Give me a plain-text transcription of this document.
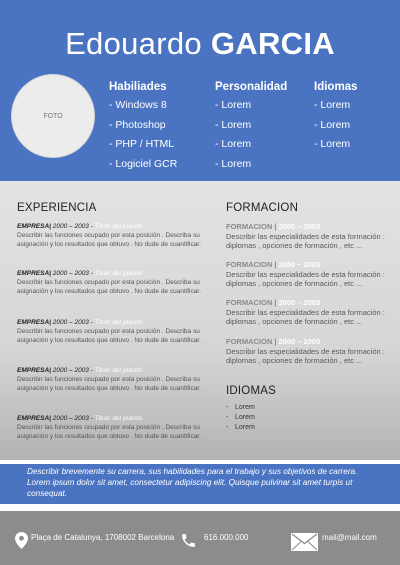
Edouardo GARCIA
FOTO
Habiliades
- Windows 8
- Photoshop
- PHP / HTML
- Logiciel GCR
Personalidad
- Lorem
- Lorem
- Lorem
- Lorem
Idiomas
- Lorem
- Lorem
- Lorem
EXPERIENCIA
EMPRESA| 2000 – 2003 - Titulo del puesto
Describir las funciones ocupado por esta posición . Describa su asignación y los resultados que obtuvo . No dude de cuantificar.
EMPRESA| 2000 – 2003 - Titulo del puesto
Describir las funciones ocupado por esta posición . Describa su asignación y los resultados que obtuvo . No dude de cuantificar.
EMPRESA| 2000 – 2003 - Titulo del puesto
Describir las funciones ocupado por esta posición . Describa su asignación y los resultados que obtuvo . No dude de cuantificar.
EMPRESA| 2000 – 2003 - Titulo del puesto
Describir las funciones ocupado por esta posición . Describa su asignación y los resultados que obtuvo . No dude de cuantificar.
EMPRESA| 2000 – 2003 - Titulo del puesto
Describir las funciones ocupado por esta posición . Describa su asignación y los resultados que obtuvo . No dude de cuantificar.
FORMACION
FORMACION | 2000 – 2003
Describir las especialidades de esta formación : diplomas , opciones de formación , etc ...
FORMACION | 2000 – 2003
Describir las especialidades de esta formación : diplomas , opciones de formación , etc ...
FORMACION | 2000 – 2003
Describir las especialidades de esta formación : diplomas , opciones de formación , etc ...
FORMACION | 2000 – 2003
Describir las especialidades de esta formación : diplomas , opciones de formación , etc ...
IDIOMAS
- Lorem
- Lorem
- Lorem
Describir brevemente su carrera, sus habilidades para el trabajo y sus objetivos de carrera. Lorem ipsum dolor sit amet, consectetur adipiscing elit. Quisque pulvinar sit amet turpis ut consequat.
Plaça de Catalunya, 1708002 Barcelona	616.000.000	mail@mail.com
